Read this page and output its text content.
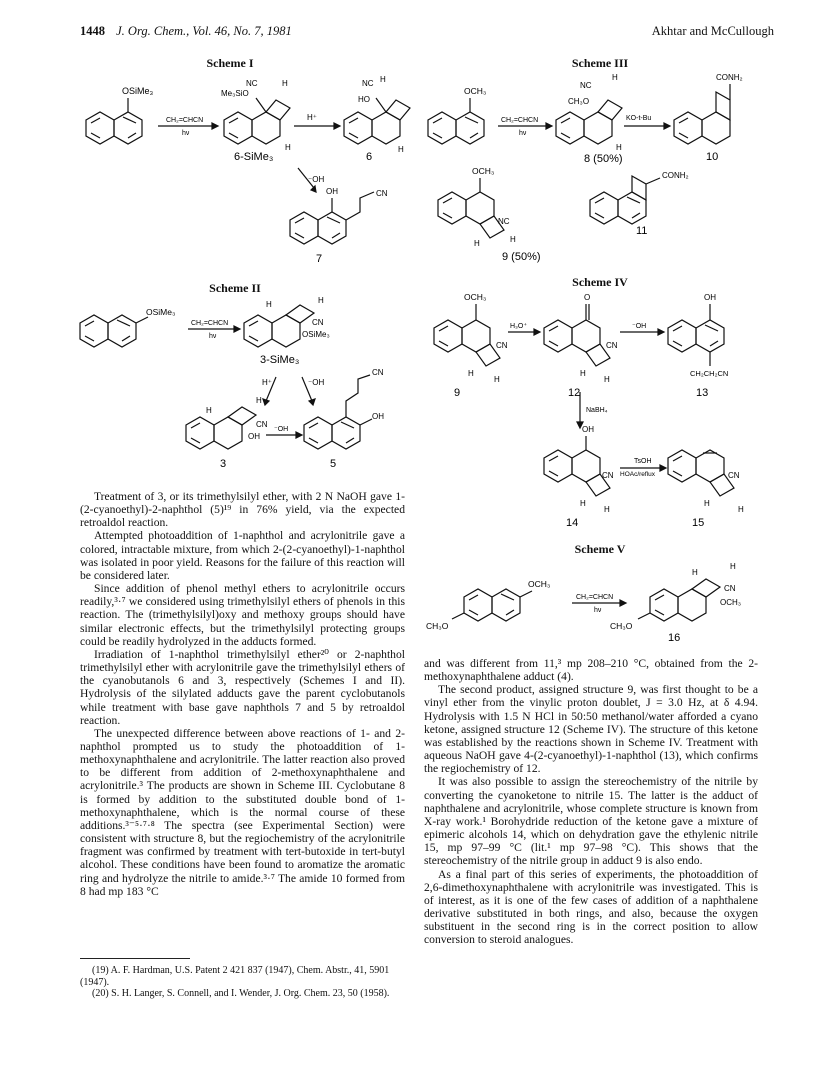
1448 J. Org. Chem., Vol. 46, No. 7, 1981	Akhtar and McCullough
Scheme I
OSiMe₃
CH₂=CHCN
hν
NC	H
Me₃SiO
H
H⁺
NC H
HO
H
6-SiMe₃	6
⁻OH
OH	CN
7
Scheme II
OSiMe₃
CH₂=CHCN
hν
H	H
CN
OSiMe₃
3-SiMe₃
H⁺	⁻OH
H
H
CN
OH
⁻OH
CN
OH
3	5
Scheme III
OCH₃
CH₂=CHCN
hν
NC
H
CH₃O
H
KO-t-Bu
CONH₂
8 (50%)	10
OCH₃
NC
H	H
CONH₂
11
9 (50%)
Scheme IV
OCH₃
CN
H₃O⁺
O
CN
⁻OH
OH
CH₂CH₂CN
H
H
H
H
9	12	13
NaBH₄
OH
CN
TsOH
HOAc/reflux	CN
H
H
H
H
14	15
Scheme V
OCH₃
CH₃O
CH₂=CHCN
hν
H
H
CN
OCH₃
CH₃O
16

Treatment of 3, or its trimethylsilyl ether, with 2 N NaOH gave 1-(2-cyanoethyl)-2-naphthol (5)¹⁹ in 76% yield, via the expected retroaldol reaction.

Attempted photoaddition of 1-naphthol and acrylonitrile gave a colored, intractable mixture, from which 2-(2-cyanoethyl)-1-naphthol was isolated in poor yield. Reasons for the failure of this reaction will be considered later.

Since addition of phenol methyl ethers to acrylonitrile occurs readily,³·⁷ we considered using trimethylsilyl ethers of phenols in this reaction. The (trimethylsilyl)oxy and methoxy groups should have similar electronic effects, but the trimethylsilyl protecting groups could be readily hydrolyzed in the adducts formed.

Irradiation of 1-naphthol trimethylsilyl ether²⁰ or 2-naphthol trimethylsilyl ether with acrylonitrile gave the trimethylsilyl ethers of the cyanobutanols 6 and 3, respectively (Schemes I and II). Hydrolysis of the silylated adducts gave the parent cyclobutanols while treatment with base gave naphthols 7 and 5 by retroaldol reaction.

The unexpected difference between above reactions of 1- and 2-naphthol prompted us to study the photoaddition of 1-methoxynaphthalene and acrylonitrile. The latter reaction also proved to be different from addition of 2-methoxynaphthalene and acrylonitrile.³ The products are shown in Scheme III. Cyclobutane 8 is formed by addition to the substituted double bond of 1-methoxynaphthalene, which is the normal course of these additions.³⁻⁵·⁷·⁸ The spectra (see Experimental Section) were consistent with structure 8, but the regiochemistry of the acrylonitrile fragment was confirmed by treatment with tert-butoxide in tert-butyl alcohol. These conditions have been found to aromatize the aromatic ring and hydrolyze the nitrile to amide.³·⁷ The amide 10 formed from 8 had mp 183 °C

(19) A. F. Hardman, U.S. Patent 2 421 837 (1947), Chem. Abstr., 41, 5901 (1947).

(20) S. H. Langer, S. Connell, and I. Wender, J. Org. Chem. 23, 50 (1958).

and was different from 11,³ mp 208–210 °C, obtained from the 2-methoxynaphthalene adduct (4).

The second product, assigned structure 9, was first thought to be a vinyl ether from the vinylic proton doublet, J = 3.0 Hz, at δ 4.94. Hydrolysis with 1.5 N HCl in 50:50 methanol/water afforded a cyano ketone, assigned structure 12 (Scheme IV). The structure of this ketone was established by the reactions shown in Scheme IV. Treatment with aqueous NaOH gave 4-(2-cyanoethyl)-1-naphthol (13), which confirms the regiochemistry of 12.

It was also possible to assign the stereochemistry of the nitrile by converting the cyanoketone to nitrile 15. The latter is the adduct of naphthalene and acrylonitrile, whose complete structure is known from X-ray work.¹ Borohydride reduction of the ketone gave a mixture of epimeric alcohols 14, which on dehydration gave the ethylenic nitrile 15, mp 97–99 °C (lit.¹ mp 97–98 °C). This shows that the stereochemistry of the nitrile group in adduct 9 is also endo.

As a final part of this series of experiments, the photoaddition of 2,6-dimethoxynaphthalene with acrylonitrile was investigated. This is of interest, as it is one of the few cases of addition of a naphthalene derivative substituted in both rings, and also, because the oxygen substituent in the second ring is in the correct position to allow conversion to steroid analogues.
